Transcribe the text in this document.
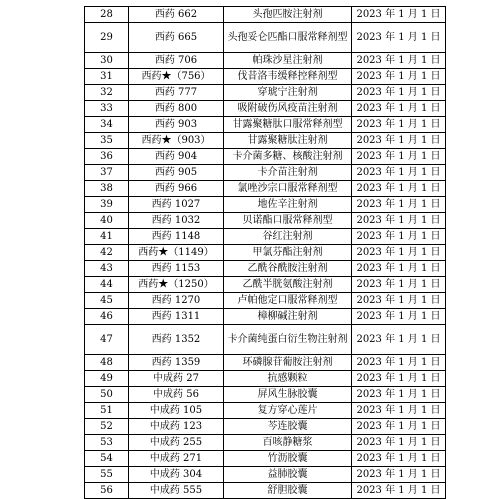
28	西药 662	头孢匹胺注射剂	2023 年 1 月 1 日
29	西药 665	头孢妥仑匹酯口服常释剂型	2023 年 1 月 1 日
30	西药 706	帕珠沙星注射剂	2023 年 1 月 1 日
31	西药★（756）	伐昔洛韦缓释控释剂型	2023 年 1 月 1 日
32	西药 777	穿琥宁注射剂	2023 年 1 月 1 日
33	西药 800	吸附破伤风疫苗注射剂	2023 年 1 月 1 日
34	西药 903	甘露聚糖肽口服常释剂型	2023 年 1 月 1 日
35	西药★（903）	甘露聚糖肽注射剂	2023 年 1 月 1 日
36	西药 904	卡介菌多糖、核酸注射剂	2023 年 1 月 1 日
37	西药 905	卡介苗注射剂	2023 年 1 月 1 日
38	西药 966	氯唑沙宗口服常释剂型	2023 年 1 月 1 日
39	西药 1027	地佐辛注射剂	2023 年 1 月 1 日
40	西药 1032	贝诺酯口服常释剂型	2023 年 1 月 1 日
41	西药 1148	谷红注射剂	2023 年 1 月 1 日
42	西药★（1149）	甲氯芬酯注射剂	2023 年 1 月 1 日
43	西药 1153	乙酰谷酰胺注射剂	2023 年 1 月 1 日
44	西药★（1250）	乙酰半胱氨酸注射剂	2023 年 1 月 1 日
45	西药 1270	卢帕他定口服常释剂型	2023 年 1 月 1 日
46	西药 1311	樟柳碱注射剂	2023 年 1 月 1 日
47	西药 1352	卡介菌纯蛋白衍生物注射剂	2023 年 1 月 1 日
48	西药 1359	环磷腺苷葡胺注射剂	2023 年 1 月 1 日
49	中成药 27	抗感颗粒	2023 年 1 月 1 日
50	中成药 56	屏风生脉胶囊	2023 年 1 月 1 日
51	中成药 105	复方穿心莲片	2023 年 1 月 1 日
52	中成药 123	芩连胶囊	2023 年 1 月 1 日
53	中成药 255	百咳静糖浆	2023 年 1 月 1 日
54	中成药 271	竹沥胶囊	2023 年 1 月 1 日
55	中成药 304	益肺胶囊	2023 年 1 月 1 日
56	中成药 555	舒胆胶囊	2023 年 1 月 1 日
